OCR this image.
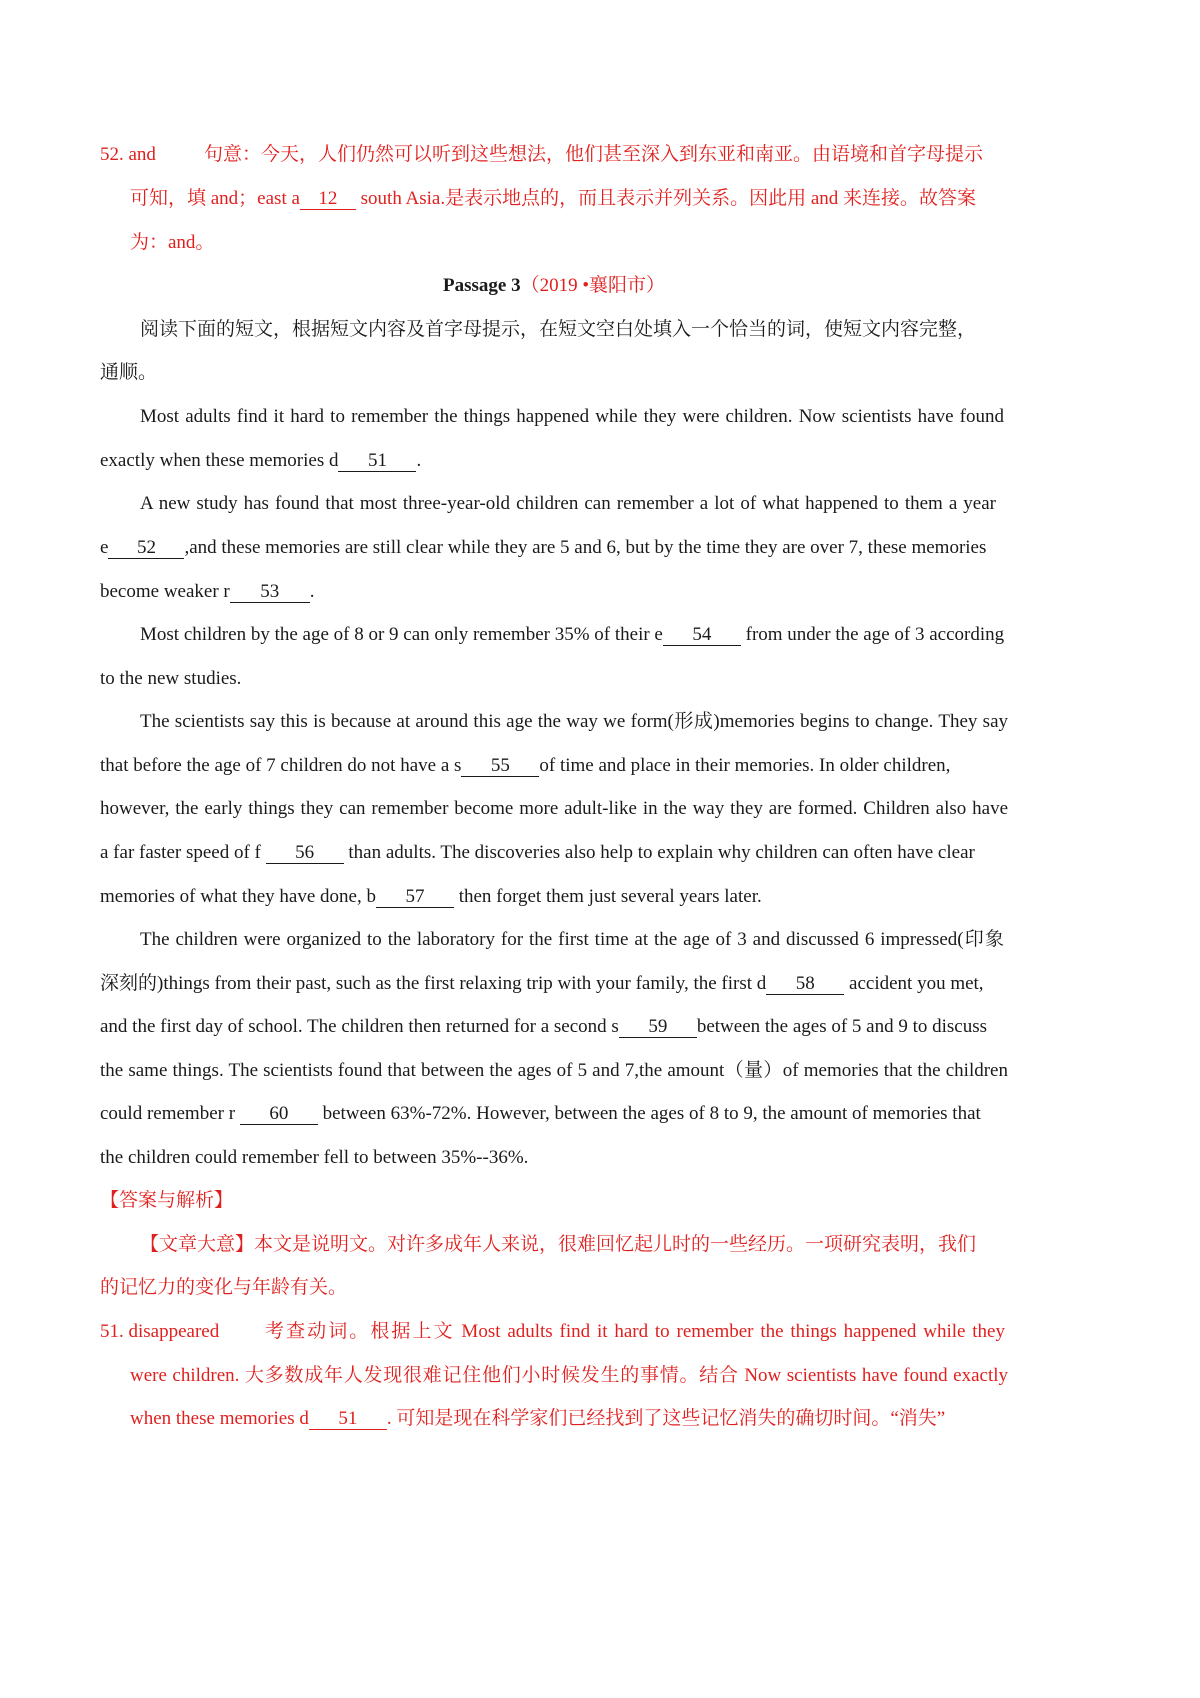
52. and	句意：今天，人们仍然可以听到这些想法，他们甚至深入到东亚和南亚。由语境和首字母提示
可知，填 and；east a 12 south Asia.是表示地点的，而且表示并列关系。因此用 and 来连接。故答案
为：and。
Passage 3（2019 •襄阳市）
阅读下面的短文，根据短文内容及首字母提示，在短文空白处填入一个恰当的词，使短文内容完整，
通顺。
Most adults find it hard to remember the things happened while they were children. Now scientists have found
exactly when these memories d 51 .
A new study has found that most three-year-old children can remember a lot of what happened to them a year
e 52 ,and these memories are still clear while they are 5 and 6, but by the time they are over 7, these memories
become weaker r 53 .
Most children by the age of 8 or 9 can only remember 35% of their e 54 from under the age of 3 according
to the new studies.
The scientists say this is because at around this age the way we form(形成)memories begins to change. They say
that before the age of 7 children do not have a s 55 of time and place in their memories. In older children,
however, the early things they can remember become more adult-like in the way they are formed. Children also have
a far faster speed of f 56 than adults. The discoveries also help to explain why children can often have clear
memories of what they have done, b 57 then forget them just several years later.
The children were organized to the laboratory for the first time at the age of 3 and discussed 6 impressed(印象
深刻的)things from their past, such as the first relaxing trip with your family, the first d 58 accident you met,
and the first day of school. The children then returned for a second s 59 between the ages of 5 and 9 to discuss
the same things. The scientists found that between the ages of 5 and 7,the amount（量）of memories that the children
could remember r 60 between 63%-72%. However, between the ages of 8 to 9, the amount of memories that
the children could remember fell to between 35%--36%.
【答案与解析】
【文章大意】本文是说明文。对许多成年人来说，很难回忆起儿时的一些经历。一项研究表明，我们
的记忆力的变化与年龄有关。
51. disappeared 考查动词。根据上文 Most adults find it hard to remember the things happened while they
were children. 大多数成年人发现很难记住他们小时候发生的事情。结合 Now scientists have found exactly
when these memories d 51 . 可知是现在科学家们已经找到了这些记忆消失的确切时间。“消失”
